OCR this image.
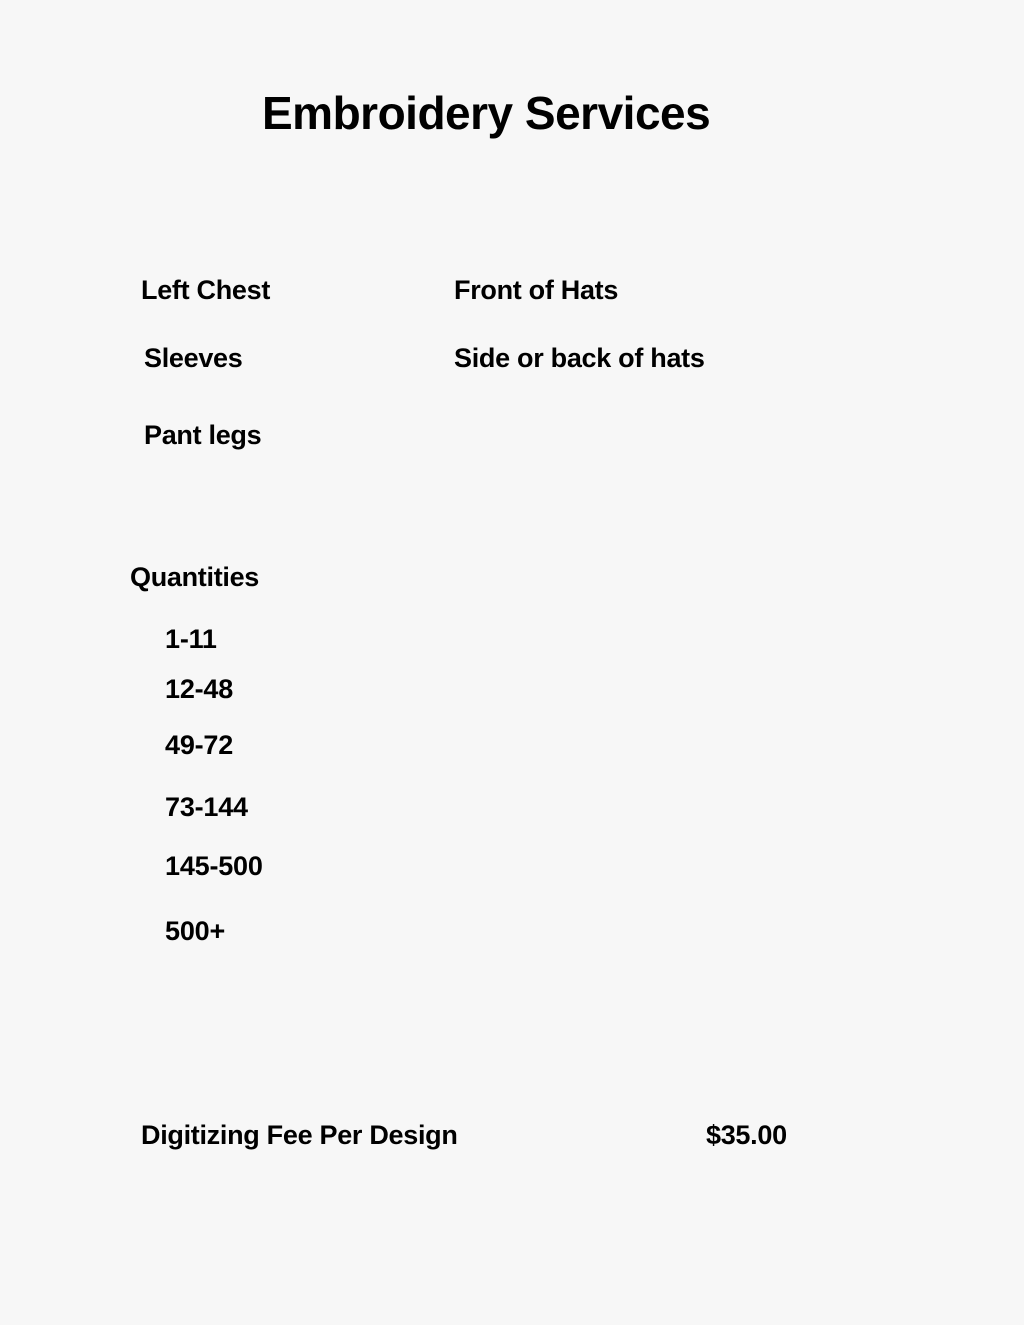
Embroidery Services
Left Chest	Front of Hats
Sleeves	Side or back of hats
Pant legs
Quantities
1-11
12-48
49-72
73-144
145-500
500+
Digitizing Fee Per Design	$35.00
